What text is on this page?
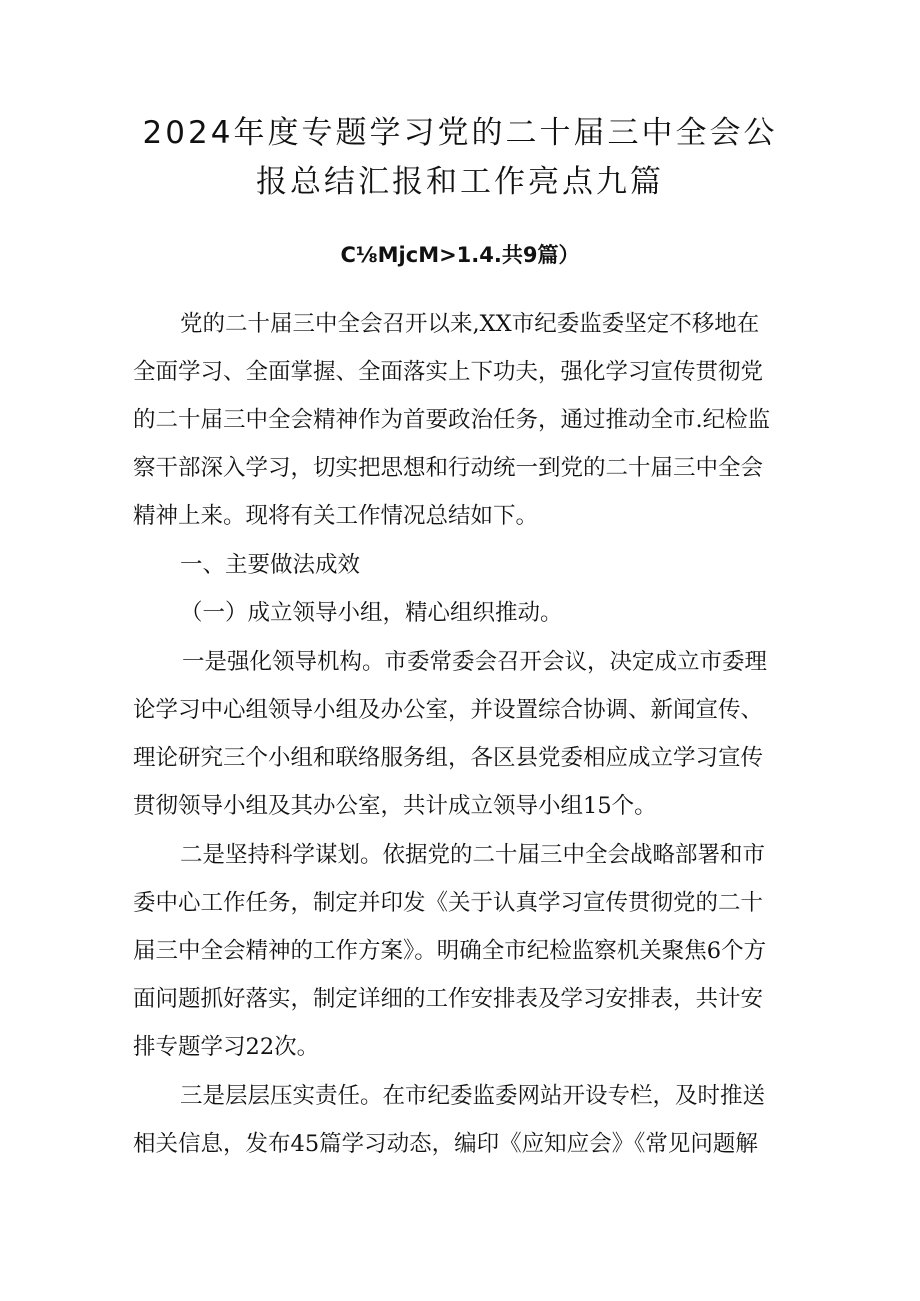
2024年度专题学习党的二十届三中全会公
报总结汇报和工作亮点九篇

C⅛MjcM>1.4.共9篇）

党的二十届三中全会召开以来,XX市纪委监委坚定不移地在

全面学习、全面掌握、全面落实上下功夫，强化学习宣传贯彻党

的二十届三中全会精神作为首要政治任务，通过推动全市.纪检监

察干部深入学习，切实把思想和行动统一到党的二十届三中全会

精神上来。现将有关工作情况总结如下。

一、主要做法成效

（一）成立领导小组，精心组织推动。

一是强化领导机构。市委常委会召开会议，决定成立市委理

论学习中心组领导小组及办公室，并设置综合协调、新闻宣传、

理论研究三个小组和联络服务组，各区县党委相应成立学习宣传

贯彻领导小组及其办公室，共计成立领导小组15个。

二是坚持科学谋划。依据党的二十届三中全会战略部署和市

委中心工作任务，制定并印发《关于认真学习宣传贯彻党的二十

届三中全会精神的工作方案》。明确全市纪检监察机关聚焦6个方

面问题抓好落实，制定详细的工作安排表及学习安排表，共计安

排专题学习22次。

三是层层压实责任。在市纪委监委网站开设专栏，及时推送

相关信息，发布45篇学习动态，编印《应知应会》《常见问题解
